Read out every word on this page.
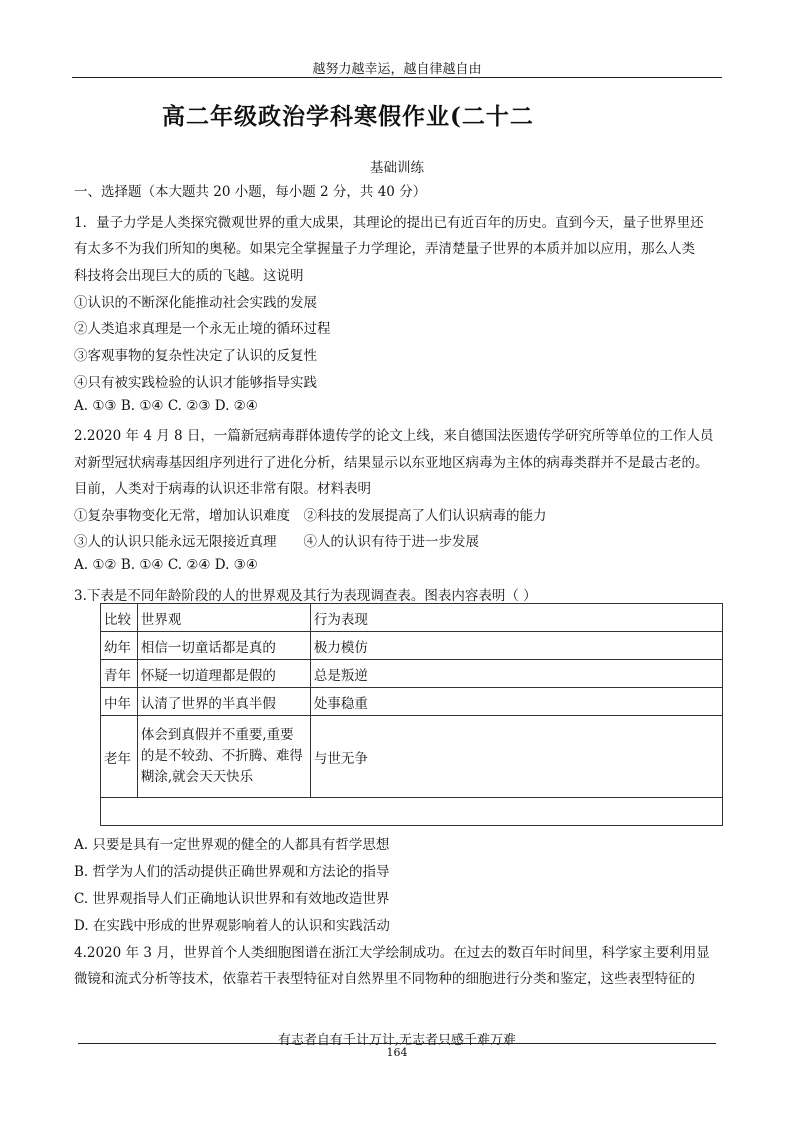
越努力越幸运，越自律越自由
高二年级政治学科寒假作业(二十二
基础训练
一、选择题（本大题共 20 小题，每小题 2 分，共 40 分）
1．量子力学是人类探究微观世界的重大成果，其理论的提出已有近百年的历史。直到今天，量子世界里还
有太多不为我们所知的奥秘。如果完全掌握量子力学理论，弄清楚量子世界的本质并加以应用，那么人类
科技将会出现巨大的质的飞越。这说明
①认识的不断深化能推动社会实践的发展
②人类追求真理是一个永无止境的循环过程
③客观事物的复杂性决定了认识的反复性
④只有被实践检验的认识才能够指导实践
A. ①③ B. ①④ C. ②③ D. ②④
2.2020 年 4 月 8 日，一篇新冠病毒群体遗传学的论文上线，来自德国法医遗传学研究所等单位的工作人员
对新型冠状病毒基因组序列进行了进化分析，结果显示以东亚地区病毒为主体的病毒类群并不是最古老的。
目前，人类对于病毒的认识还非常有限。材料表明
①复杂事物变化无常，增加认识难度　②科技的发展提高了人们认识病毒的能力
③人的认识只能永远无限接近真理　　④人的认识有待于进一步发展
A. ①② B. ①④ C. ②④ D. ③④
3.下表是不同年龄阶段的人的世界观及其行为表现调查表。图表内容表明（ ）
比较	世界观	行为表现
幼年	相信一切童话都是真的	极力模仿
青年	怀疑一切道理都是假的	总是叛逆
中年	认清了世界的半真半假	处事稳重
老年	体会到真假并不重要,重要的是不较劲、不折腾、难得糊涂,就会天天快乐	与世无争

A. 只要是具有一定世界观的健全的人都具有哲学思想
B. 哲学为人们的活动提供正确世界观和方法论的指导
C. 世界观指导人们正确地认识世界和有效地改造世界
D. 在实践中形成的世界观影响着人的认识和实践活动
4.2020 年 3 月，世界首个人类细胞图谱在浙江大学绘制成功。在过去的数百年时间里，科学家主要利用显
微镜和流式分析等技术，依靠若干表型特征对自然界里不同物种的细胞进行分类和鉴定，这些表型特征的
有志者自有千计万计,无志者只感千难万难
164
